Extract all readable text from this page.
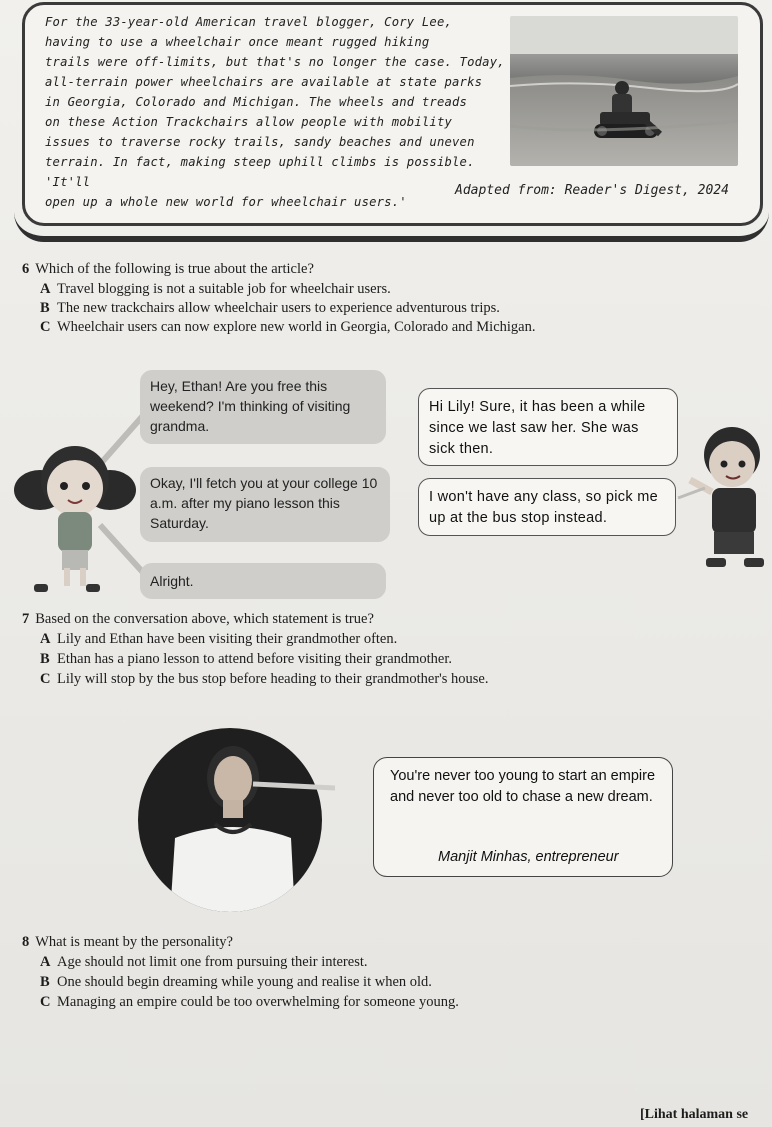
For the 33-year-old American travel blogger, Cory Lee,
having to use a wheelchair once meant rugged hiking
trails were off-limits, but that's no longer the case. Today,
all-terrain power wheelchairs are available at state parks
in Georgia, Colorado and Michigan. The wheels and treads
on these Action Trackchairs allow people with mobility
issues to traverse rocky trails, sandy beaches and uneven
terrain. In fact, making steep uphill climbs is possible. 'It'll
open up a whole new world for wheelchair users.'

Adapted from: Reader's Digest, 2024

6 Which of the following is true about the article?

A Travel blogging is not a suitable job for wheelchair users.

B The new trackchairs allow wheelchair users to experience adventurous trips.

C Wheelchair users can now explore new world in Georgia, Colorado and Michigan.

Hey, Ethan! Are you free this weekend? I'm thinking of visiting grandma.
Okay, I'll fetch you at your college 10 a.m. after my piano lesson this Saturday.
Alright.
Hi Lily! Sure, it has been a while since we last saw her. She was sick then.
I won't have any class, so pick me up at the bus stop instead.

7 Based on the conversation above, which statement is true?

A Lily and Ethan have been visiting their grandmother often.

B Ethan has a piano lesson to attend before visiting their grandmother.

C Lily will stop by the bus stop before heading to their grandmother's house.

You're never too young to start an empire and never too old to chase a new dream.

Manjit Minhas, entrepreneur

8 What is meant by the personality?

A Age should not limit one from pursuing their interest.

B One should begin dreaming while young and realise it when old.

C Managing an empire could be too overwhelming for someone young.

[Lihat halaman se
